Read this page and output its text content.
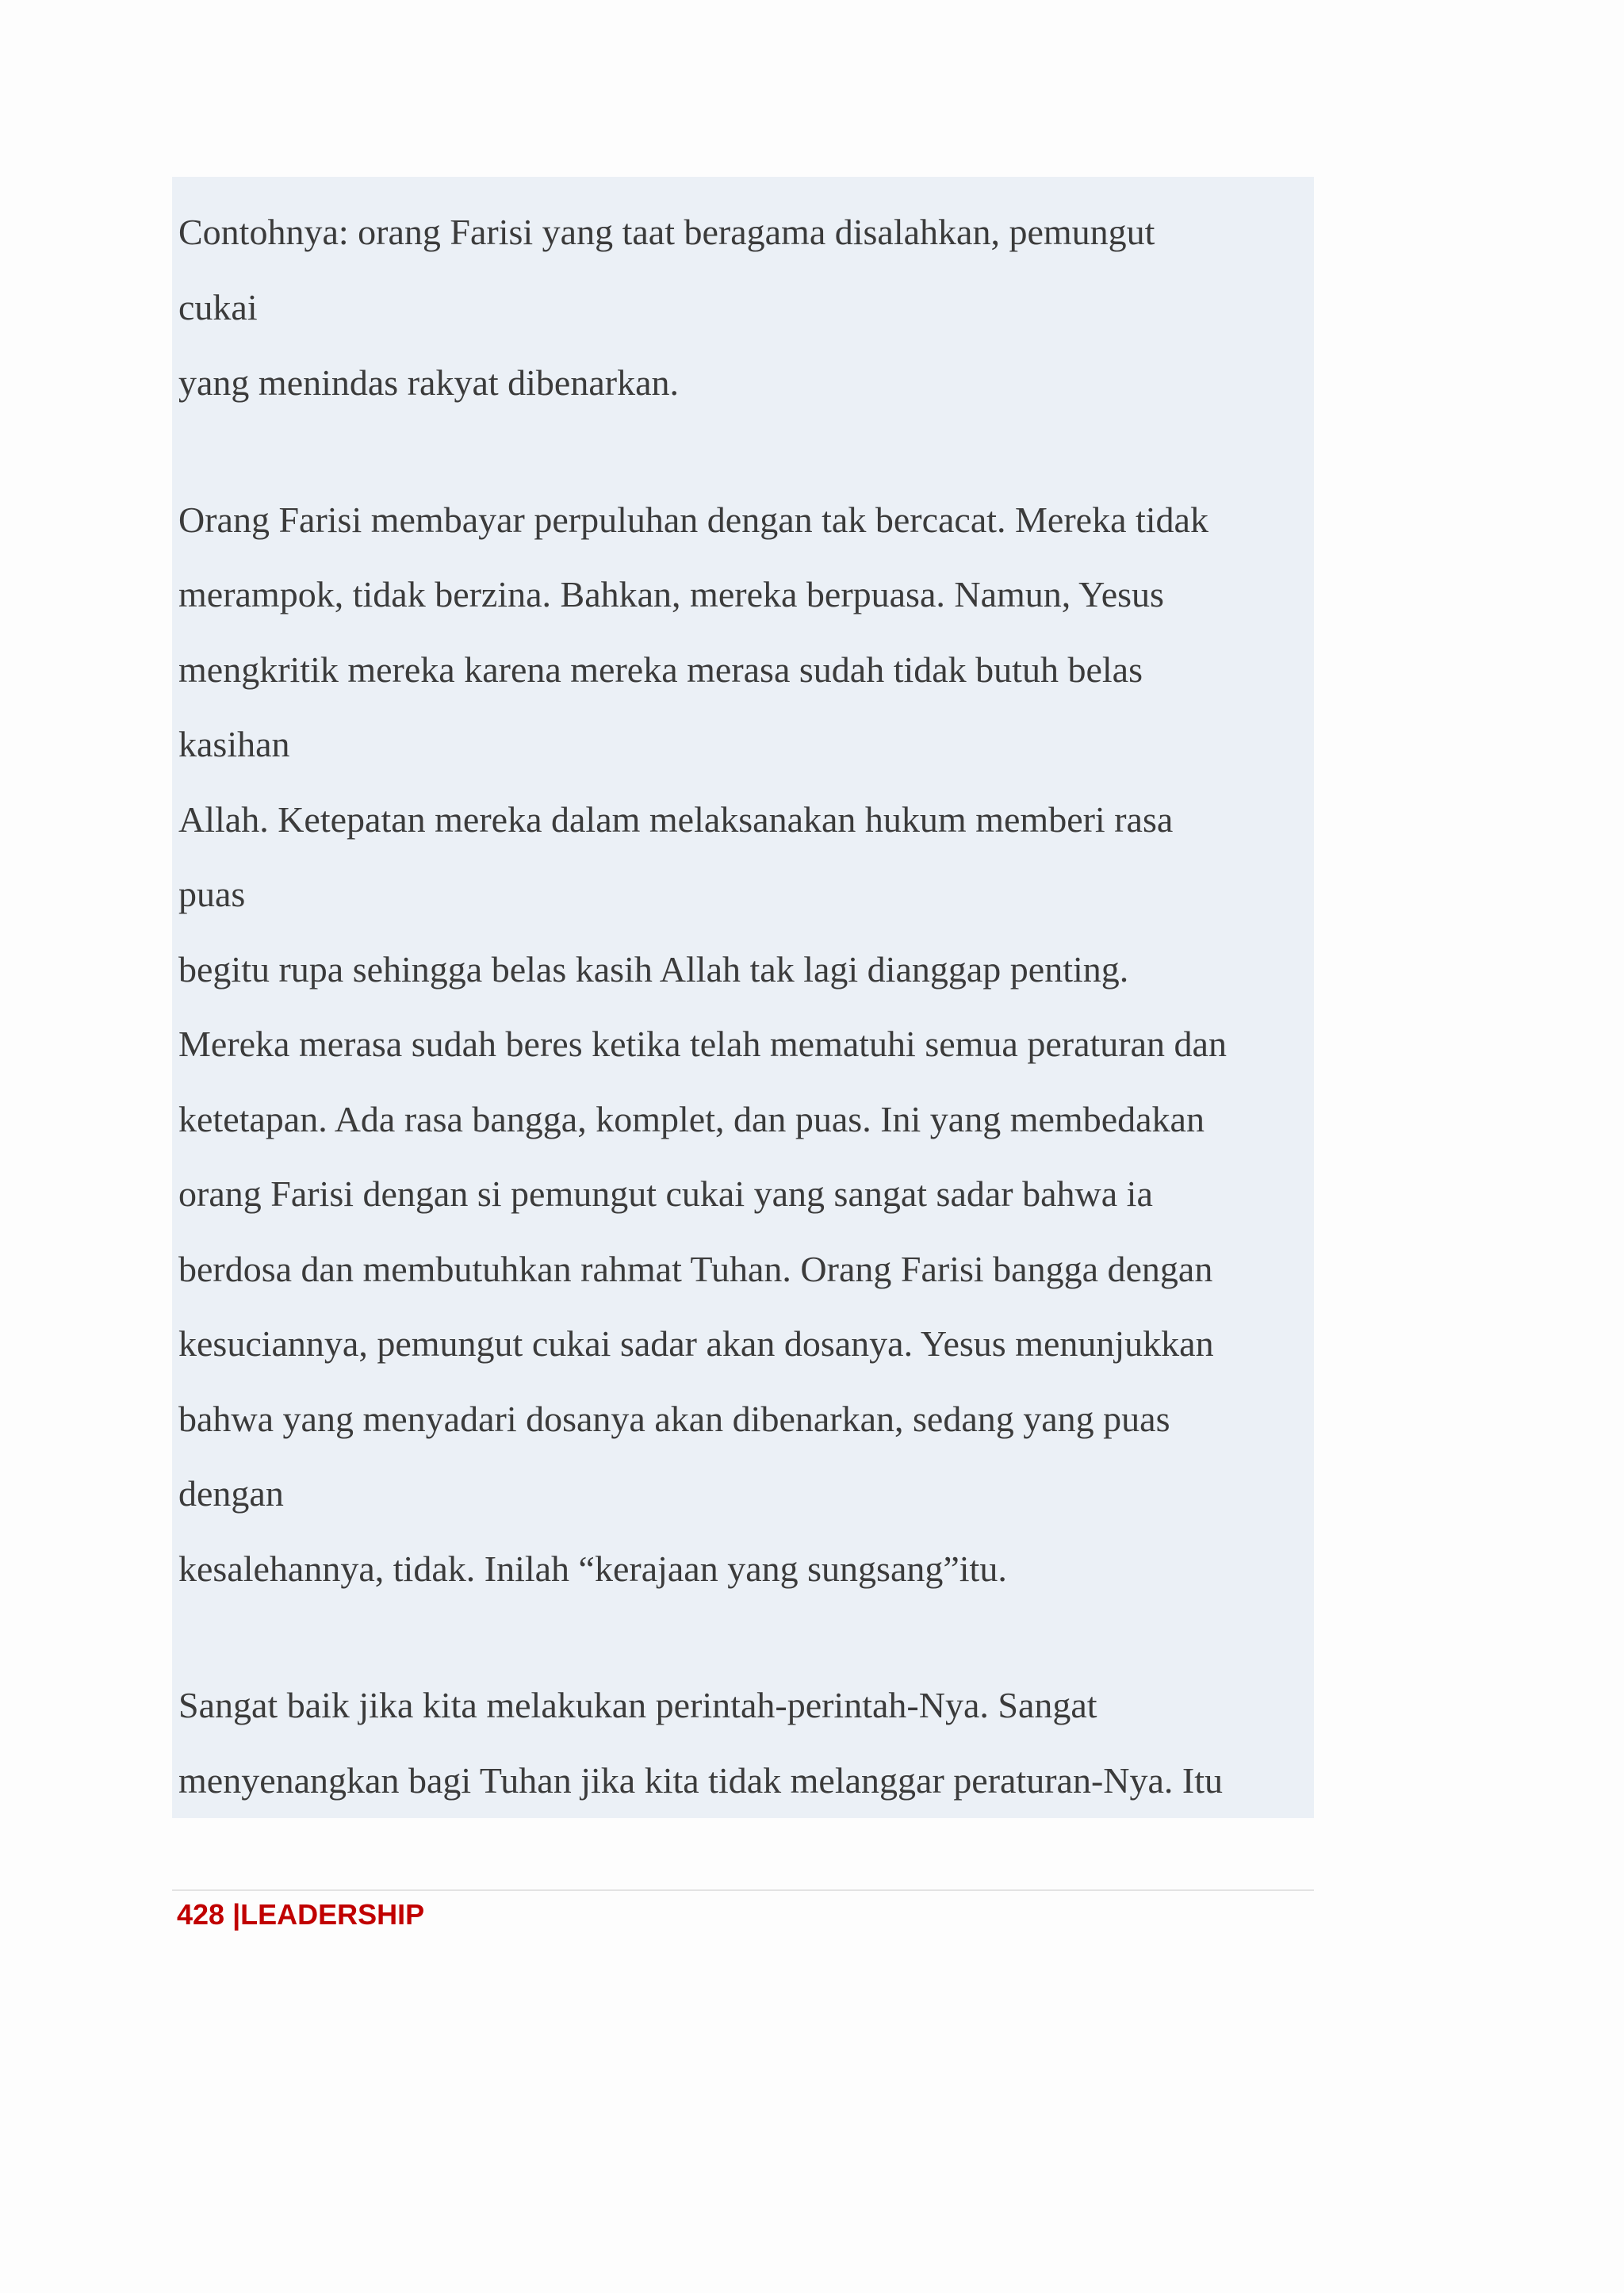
Contohnya: orang Farisi yang taat beragama disalahkan, pemungut

cukai

yang menindas rakyat dibenarkan.

Orang Farisi membayar perpuluhan dengan tak bercacat. Mereka tidak

merampok, tidak berzina. Bahkan, mereka berpuasa. Namun, Yesus

mengkritik mereka karena mereka merasa sudah tidak butuh belas

kasihan

Allah. Ketepatan mereka dalam melaksanakan hukum memberi rasa

puas

begitu rupa sehingga belas kasih Allah tak lagi dianggap penting.

Mereka merasa sudah beres ketika telah mematuhi semua peraturan dan

ketetapan. Ada rasa bangga, komplet, dan puas. Ini yang membedakan

orang Farisi dengan si pemungut cukai yang sangat sadar bahwa ia

berdosa dan membutuhkan rahmat Tuhan. Orang Farisi bangga dengan

kesuciannya, pemungut cukai sadar akan dosanya. Yesus menunjukkan

bahwa yang menyadari dosanya akan dibenarkan, sedang yang puas

dengan

kesalehannya, tidak. Inilah “kerajaan yang sungsang”itu.

Sangat baik jika kita melakukan perintah-perintah-Nya. Sangat

menyenangkan bagi Tuhan jika kita tidak melanggar peraturan-Nya. Itu

428 |LEADERSHIP
